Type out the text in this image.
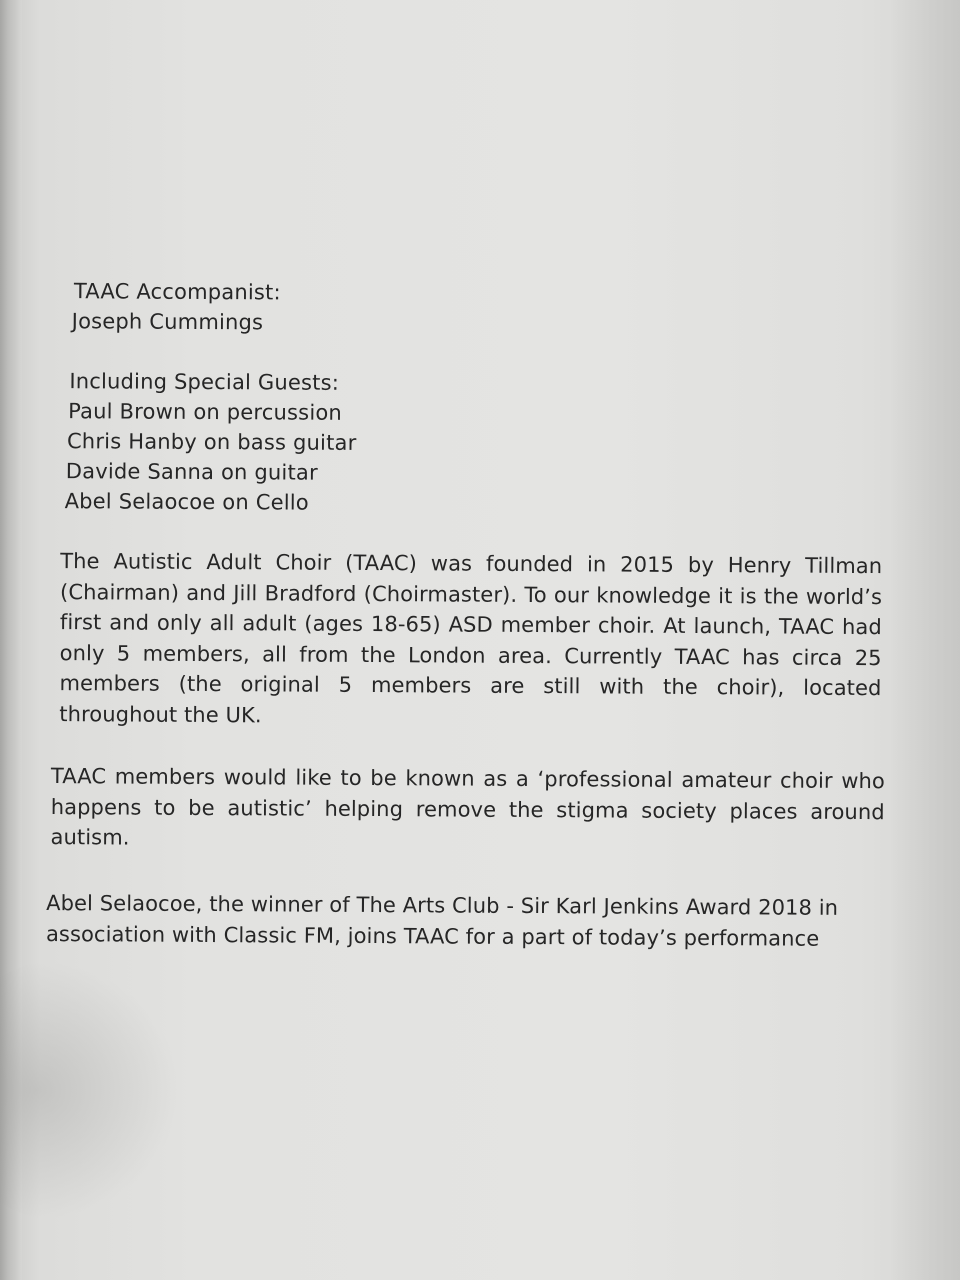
TAAC Accompanist:
Joseph Cummings
Including Special Guests:
Paul Brown on percussion
Chris Hanby on bass guitar
Davide Sanna on guitar
Abel Selaocoe on Cello
The Autistic Adult Choir (TAAC) was founded in 2015 by Henry Tillman (Chairman) and Jill Bradford (Choirmaster). To our knowledge it is the world’s first and only all adult (ages 18-65) ASD member choir. At launch, TAAC had only 5 members, all from the London area. Currently TAAC has circa 25 members (the original 5 members are still with the choir), located throughout the UK.
TAAC members would like to be known as a ‘professional amateur choir who happens to be autistic’ helping remove the stigma society places around autism.
Abel Selaocoe, the winner of The Arts Club - Sir Karl Jenkins Award 2018 in association with Classic FM, joins TAAC for a part of today’s performance
